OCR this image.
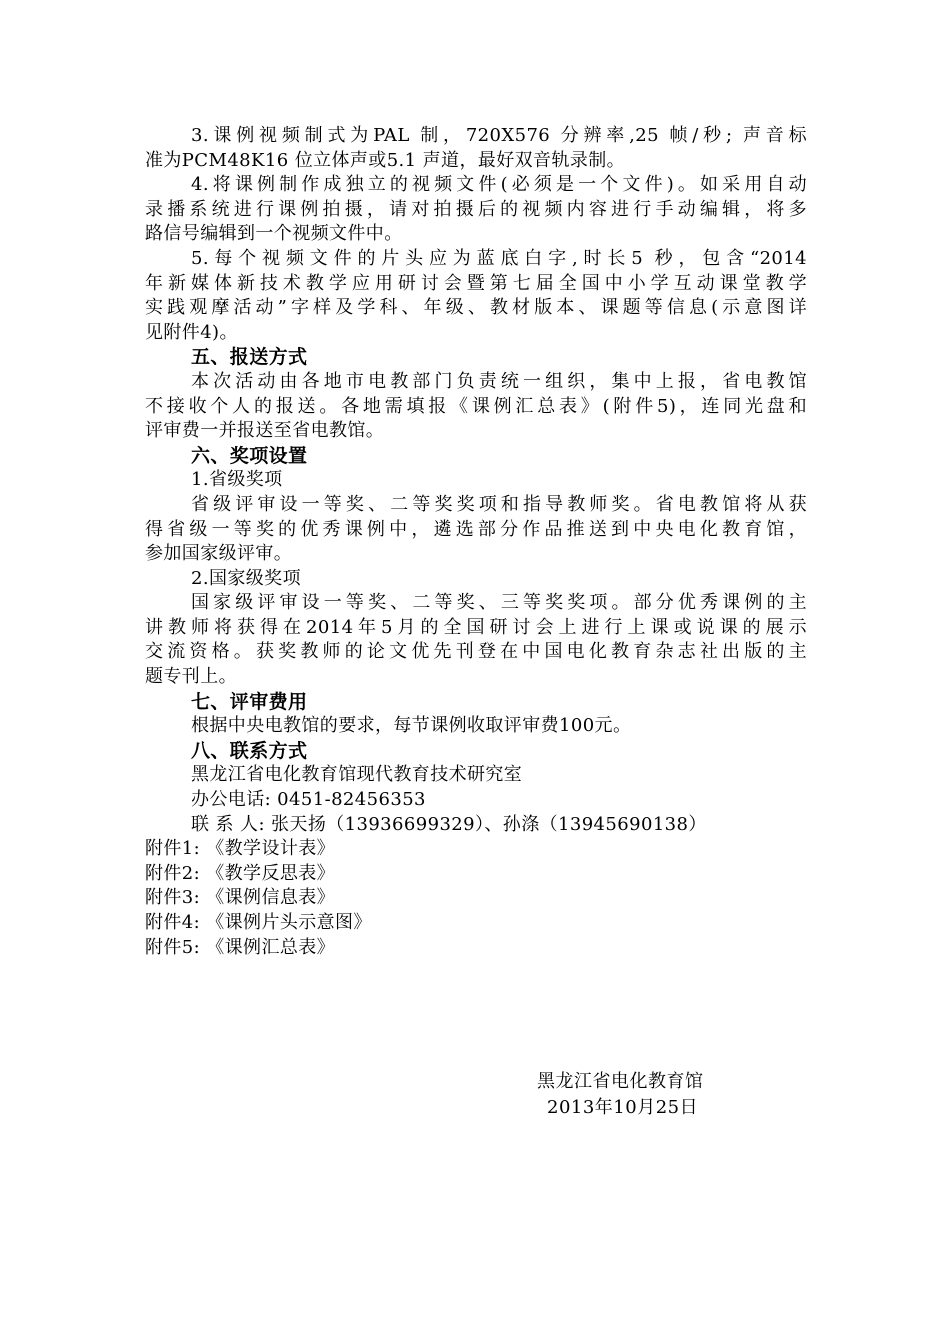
3.课例视频制式为PAL 制，720X576 分辨率,25 帧/秒; 声音标
准为PCM48K16 位立体声或5.1 声道，最好双音轨录制。
4.将课例制作成独立的视频文件(必须是一个文件)。如采用自动
录播系统进行课例拍摄，请对拍摄后的视频内容进行手动编辑，将多
路信号编辑到一个视频文件中。
5.每个视频文件的片头应为蓝底白字,时长5 秒，包含“2014
年新媒体新技术教学应用研讨会暨第七届全国中小学互动课堂教学
实践观摩活动”字样及学科、年级、教材版本、课题等信息(示意图详
见附件4)。
五、报送方式
本次活动由各地市电教部门负责统一组织，集中上报，省电教馆
不接收个人的报送。各地需填报《课例汇总表》(附件5)，连同光盘和
评审费一并报送至省电教馆。
六、奖项设置
1.省级奖项
省级评审设一等奖、二等奖奖项和指导教师奖。省电教馆将从获
得省级一等奖的优秀课例中，遴选部分作品推送到中央电化教育馆，
参加国家级评审。
2.国家级奖项
国家级评审设一等奖、二等奖、三等奖奖项。部分优秀课例的主
讲教师将获得在2014年5月的全国研讨会上进行上课或说课的展示
交流资格。获奖教师的论文优先刊登在中国电化教育杂志社出版的主
题专刊上。
七、评审费用
根据中央电教馆的要求，每节课例收取评审费100元。
八、联系方式
黑龙江省电化教育馆现代教育技术研究室
办公电话: 0451-82456353
联 系 人: 张天扬（13936699329）、孙涤（13945690138）
附件1: 《教学设计表》
附件2: 《教学反思表》
附件3: 《课例信息表》
附件4: 《课例片头示意图》
附件5: 《课例汇总表》
黑龙江省电化教育馆
2013年10月25日
